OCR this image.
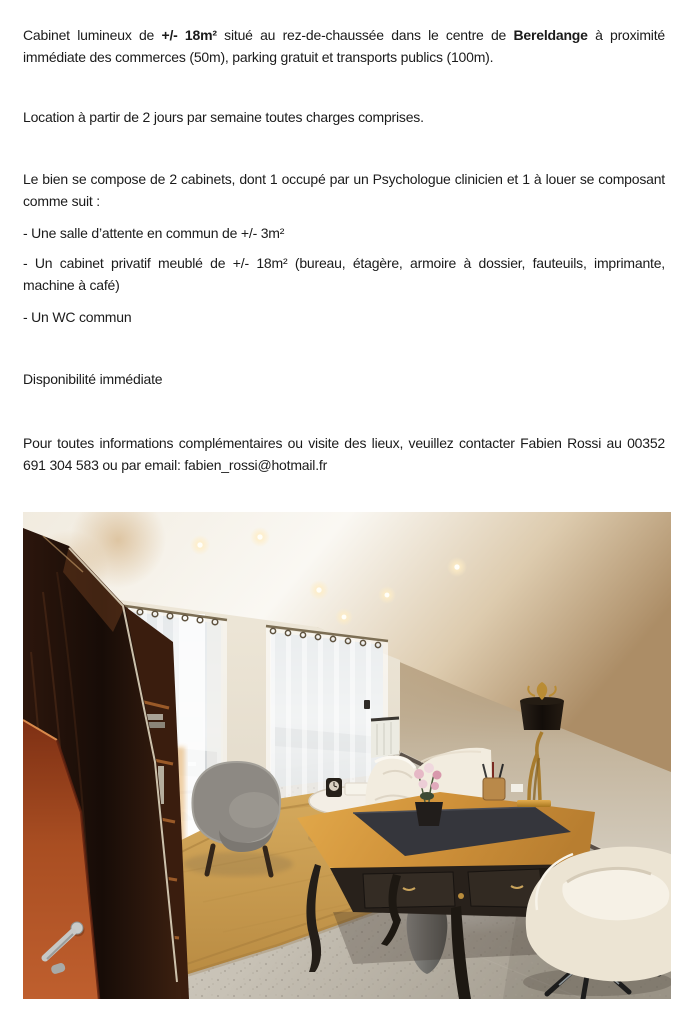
Cabinet lumineux de +/- 18m² situé au rez-de-chaussée dans le centre de Bereldange à proximité immédiate des commerces (50m), parking gratuit et transports publics (100m).

Location à partir de 2 jours par semaine toutes charges comprises.

Le bien se compose de 2 cabinets, dont 1 occupé par un Psychologue clinicien et 1 à louer se composant comme suit :

- Une salle d’attente en commun de +/- 3m²

- Un cabinet privatif meublé de +/- 18m² (bureau, étagère, armoire à dossier, fauteuils, imprimante, machine à café)

- Un WC commun

Disponibilité immédiate

Pour toutes informations complémentaires ou visite des lieux, veuillez contacter Fabien Rossi au 00352 691 304 583 ou par email: fabien_rossi@hotmail.fr
